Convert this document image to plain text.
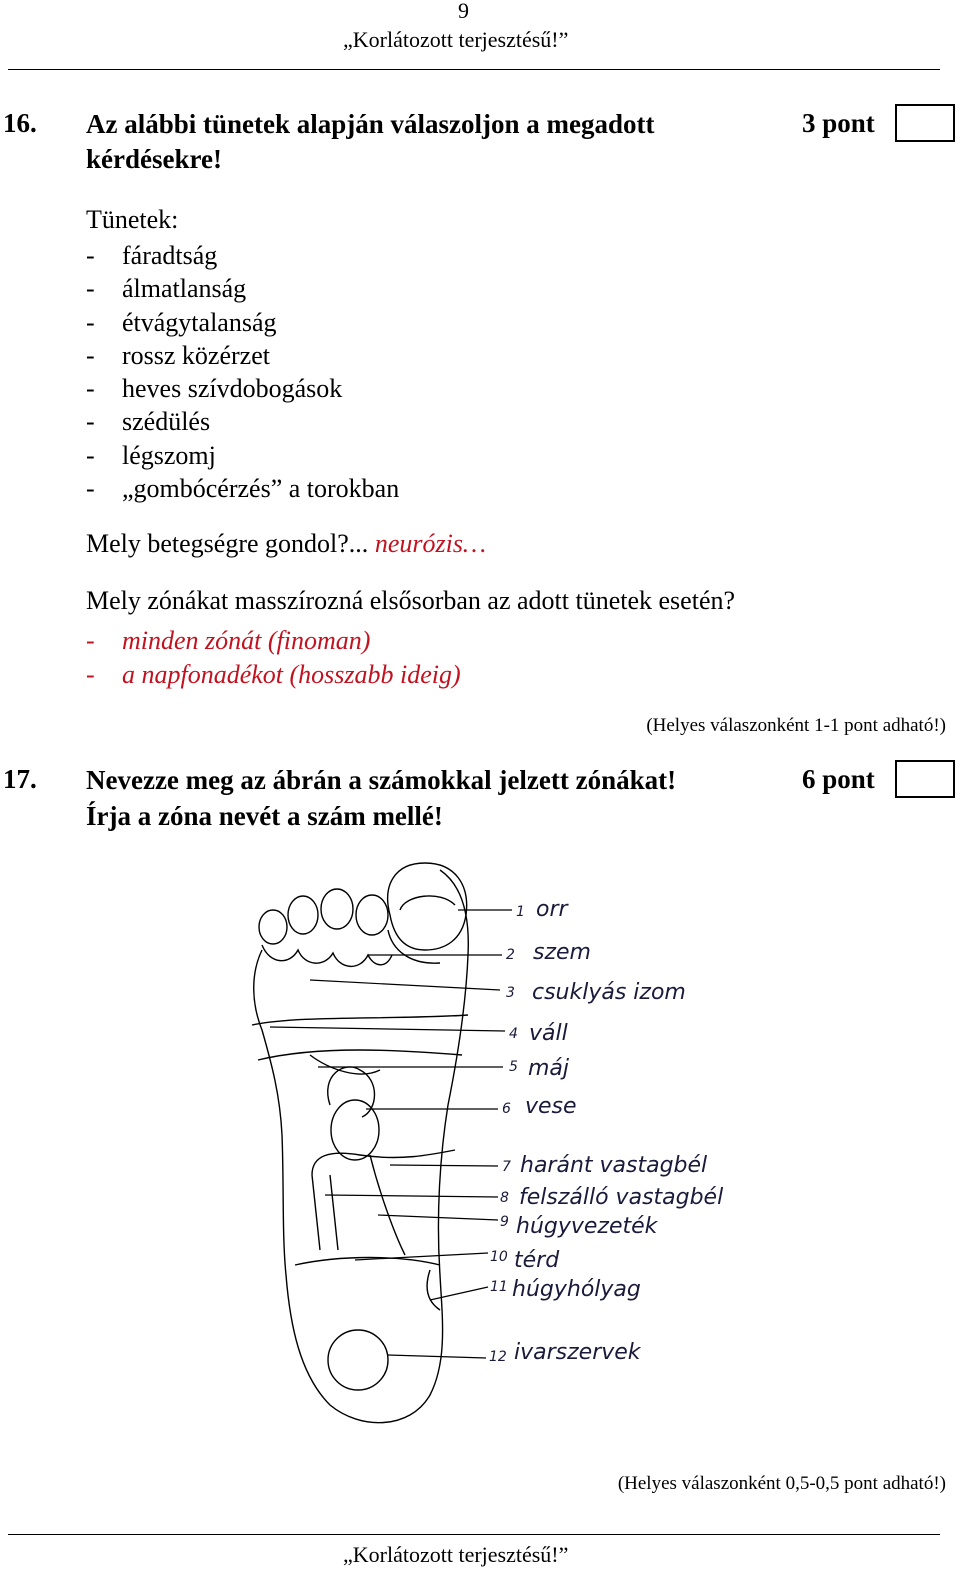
9
„Korlátozott terjesztésű!”
16. Az alábbi tünetek alapján válaszoljon a megadott
kérdésekre!
3 pont
Tünetek:
- fáradtság
- álmatlanság
- étvágytalanság
- rossz közérzet
- heves szívdobogások
- szédülés
- légszomj
- „gombócérzés” a torokban
Mely betegségre gondol?... neurózis…
Mely zónákat masszírozná elsősorban az adott tünetek esetén?
- minden zónát (finoman)
- a napfonadékot (hosszabb ideig)
(Helyes válaszonként 1-1 pont adható!)
17. Nevezze meg az ábrán a számokkal jelzett zónákat!
Írja a zóna nevét a szám mellé!
6 pont
1 orr
2 szem
3 csuklyás izom
4 váll
5 máj
6 vese
7 haránt vastagbél
8 felszálló vastagbél
9 húgyvezeték
10 térd
11 húgyhólyag
12 ivarszervek
(Helyes válaszonként 0,5-0,5 pont adható!)
„Korlátozott terjesztésű!”
